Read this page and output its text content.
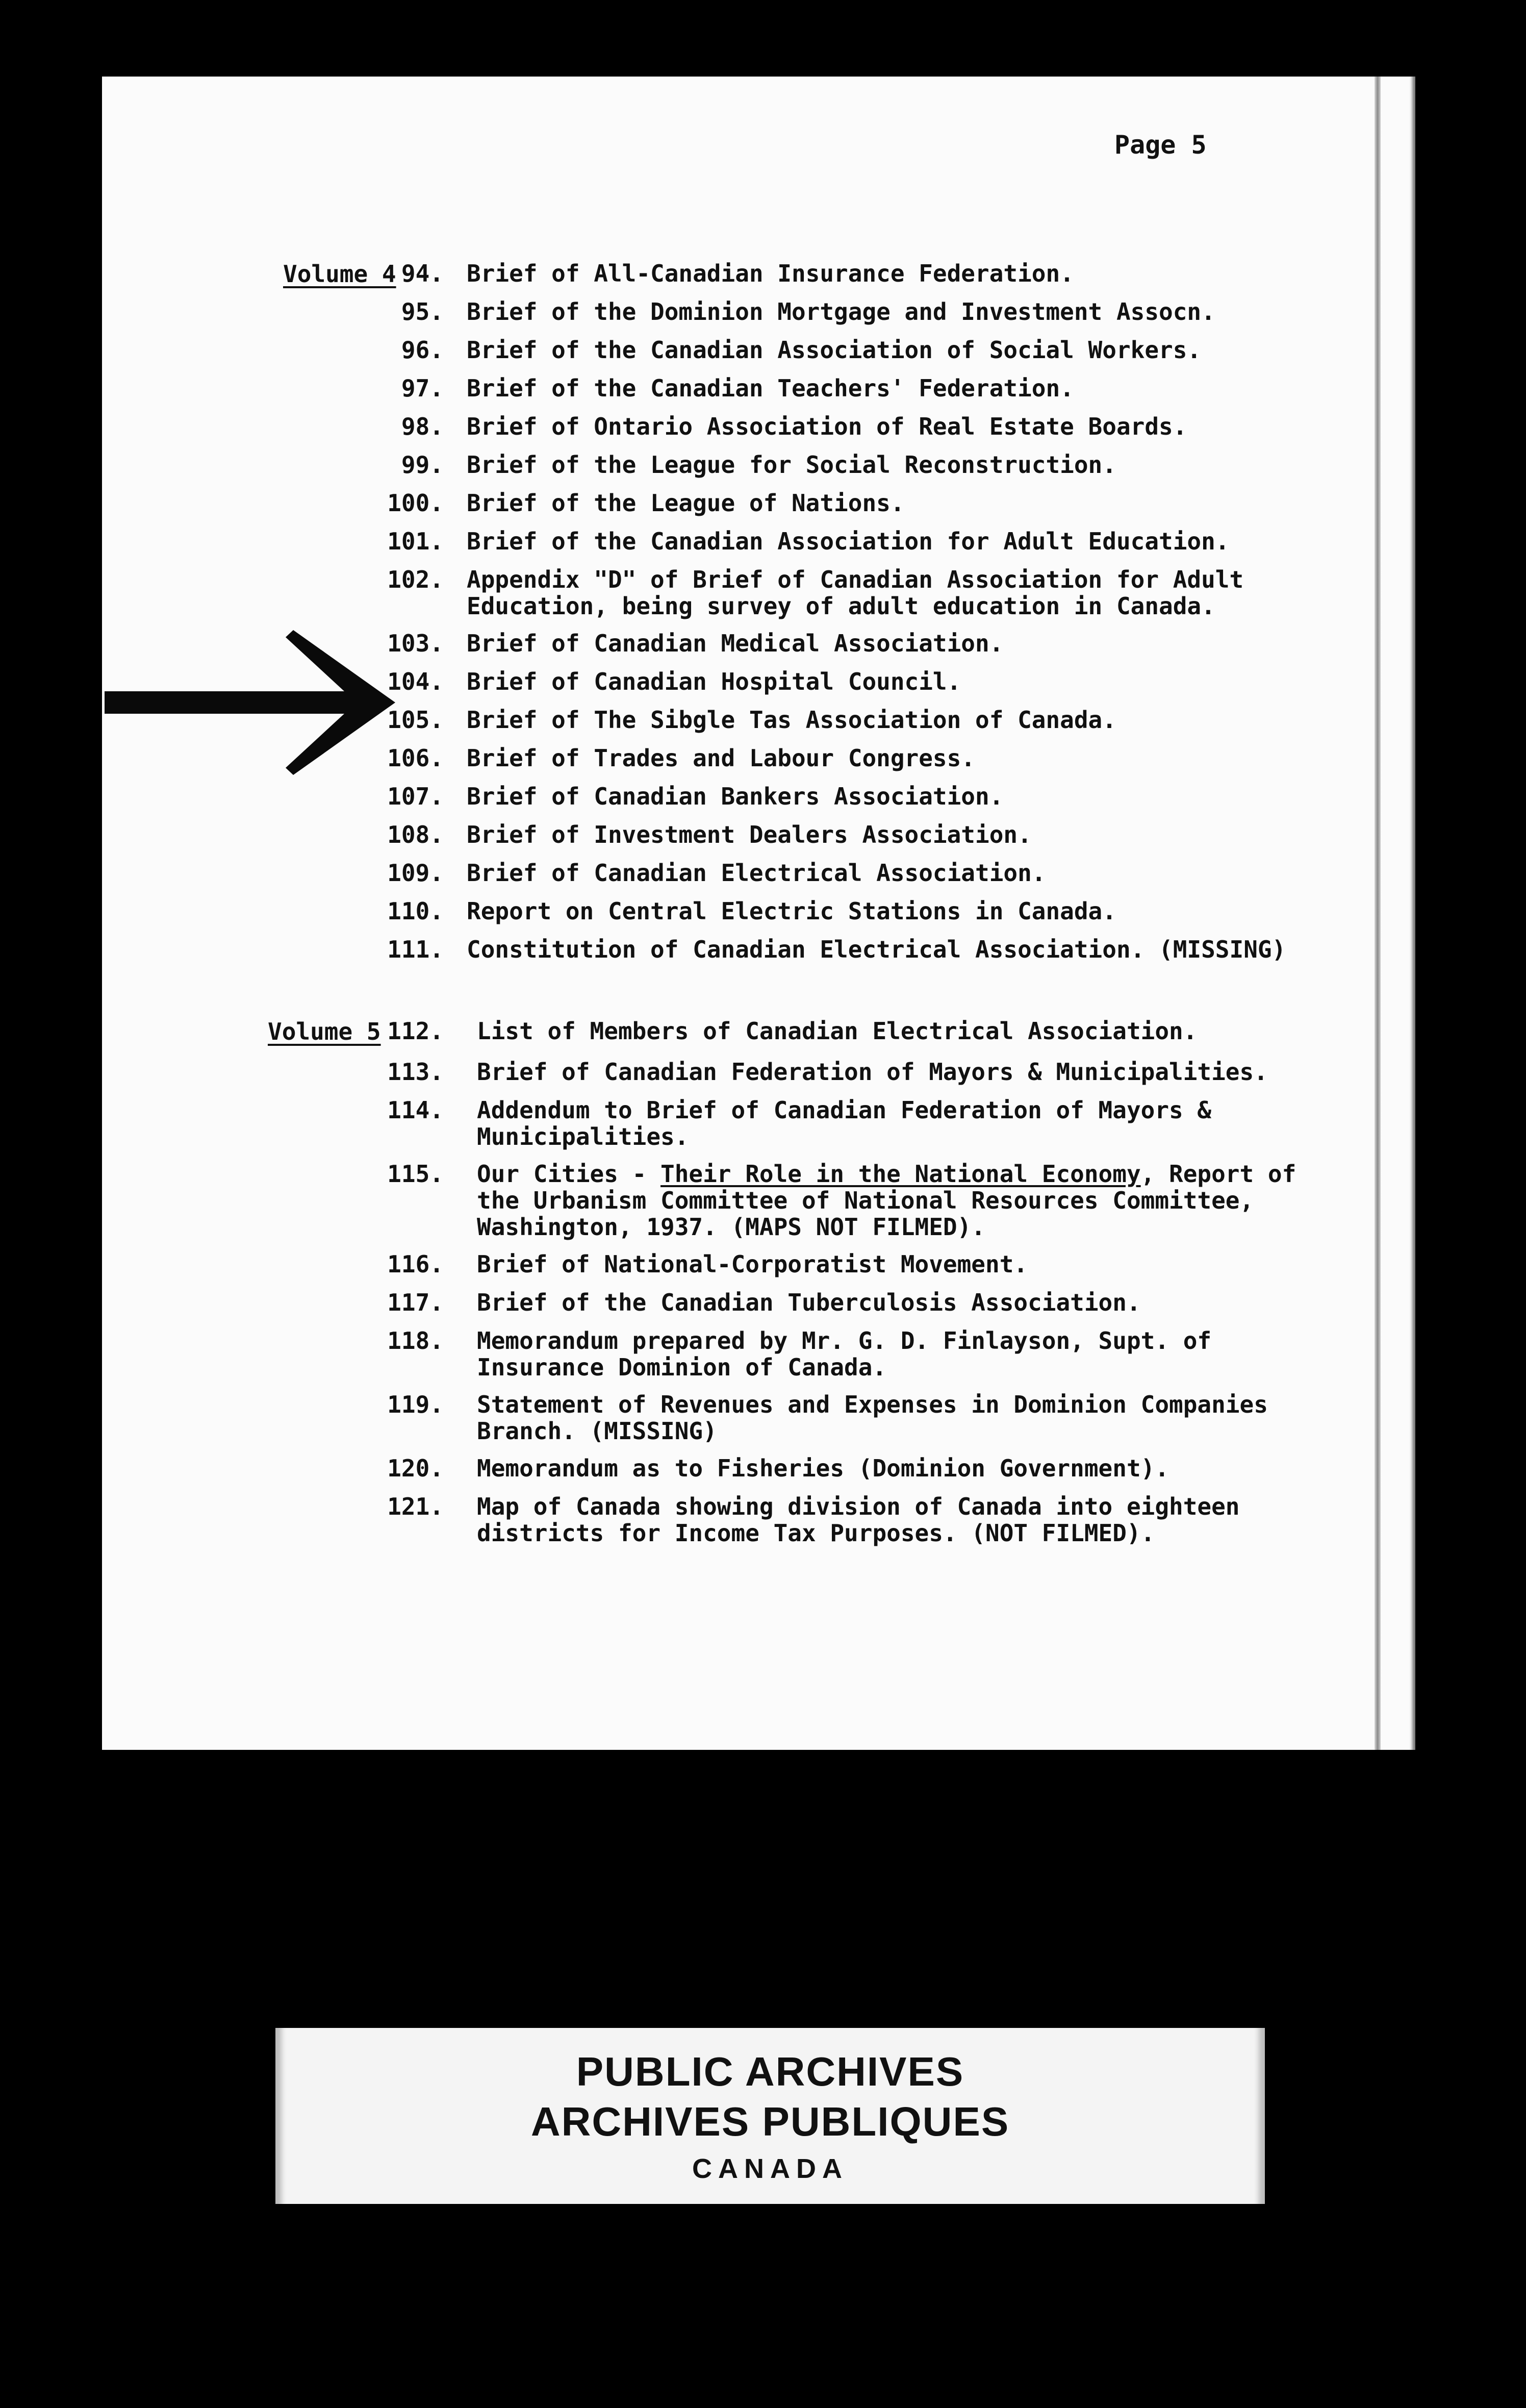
Page 5
Volume 4 94. Brief of All-Canadian Insurance Federation.
95. Brief of the Dominion Mortgage and Investment Assocn.
96. Brief of the Canadian Association of Social Workers.
97. Brief of the Canadian Teachers' Federation.
98. Brief of Ontario Association of Real Estate Boards.
99. Brief of the League for Social Reconstruction.
100. Brief of the League of Nations.
101. Brief of the Canadian Association for Adult Education.
102. Appendix "D" of Brief of Canadian Association for Adult
Education, being survey of adult education in Canada.
103. Brief of Canadian Medical Association.
104. Brief of Canadian Hospital Council.
105. Brief of The Sibgle Tas Association of Canada.
106. Brief of Trades and Labour Congress.
107. Brief of Canadian Bankers Association.
108. Brief of Investment Dealers Association.
109. Brief of Canadian Electrical Association.
110. Report on Central Electric Stations in Canada.
111. Constitution of Canadian Electrical Association. (MISSING)
Volume 5 112. List of Members of Canadian Electrical Association.
113. Brief of Canadian Federation of Mayors & Municipalities.
114. Addendum to Brief of Canadian Federation of Mayors &
Municipalities.
115. Our Cities - Their Role in the National Economy, Report of
the Urbanism Committee of National Resources Committee,
Washington, 1937. (MAPS NOT FILMED).
116. Brief of National-Corporatist Movement.
117. Brief of the Canadian Tuberculosis Association.
118. Memorandum prepared by Mr. G. D. Finlayson, Supt. of
Insurance Dominion of Canada.
119. Statement of Revenues and Expenses in Dominion Companies
Branch. (MISSING)
120. Memorandum as to Fisheries (Dominion Government).
121. Map of Canada showing division of Canada into eighteen
districts for Income Tax Purposes. (NOT FILMED).
PUBLIC ARCHIVES
ARCHIVES PUBLIQUES
CANADA
